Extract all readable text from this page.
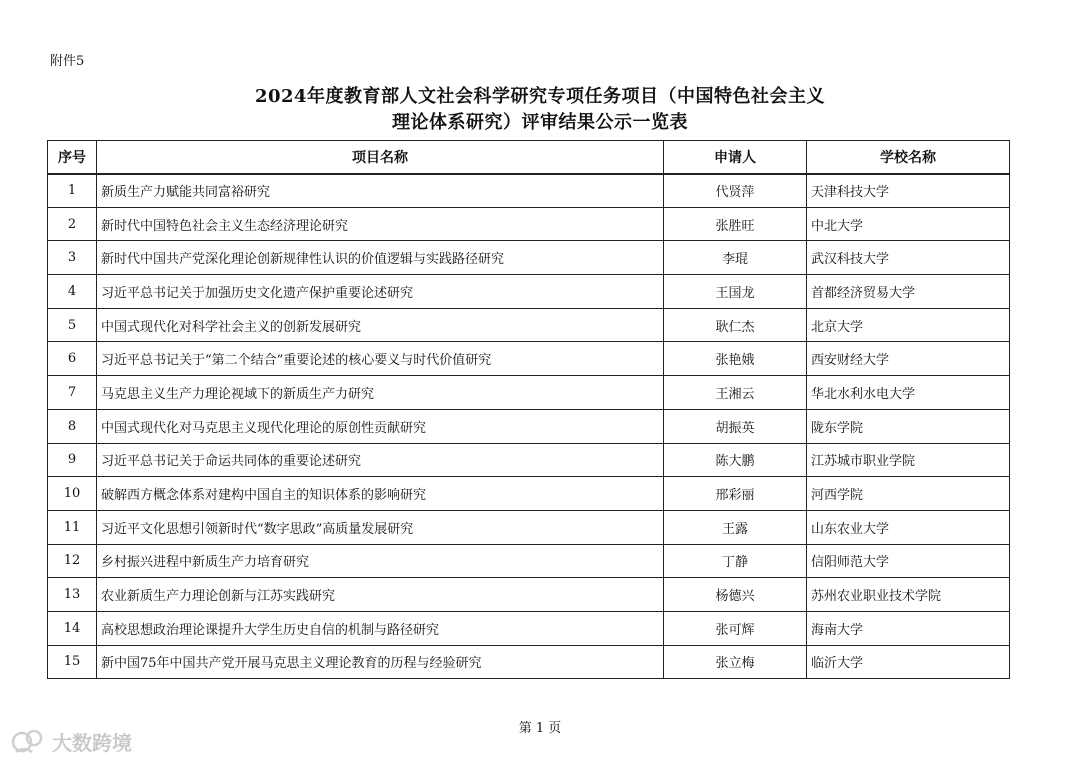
附件5
2024年度教育部人文社会科学研究专项任务项目（中国特色社会主义
理论体系研究）评审结果公示一览表
序号	项目名称	申请人	学校名称
1	新质生产力赋能共同富裕研究	代贤萍	天津科技大学
2	新时代中国特色社会主义生态经济理论研究	张胜旺	中北大学
3	新时代中国共产党深化理论创新规律性认识的价值逻辑与实践路径研究	李琨	武汉科技大学
4	习近平总书记关于加强历史文化遗产保护重要论述研究	王国龙	首都经济贸易大学
5	中国式现代化对科学社会主义的创新发展研究	耿仁杰	北京大学
6	习近平总书记关于“第二个结合”重要论述的核心要义与时代价值研究	张艳娥	西安财经大学
7	马克思主义生产力理论视域下的新质生产力研究	王湘云	华北水利水电大学
8	中国式现代化对马克思主义现代化理论的原创性贡献研究	胡振英	陇东学院
9	习近平总书记关于命运共同体的重要论述研究	陈大鹏	江苏城市职业学院
10	破解西方概念体系对建构中国自主的知识体系的影响研究	邢彩丽	河西学院
11	习近平文化思想引领新时代“数字思政”高质量发展研究	王露	山东农业大学
12	乡村振兴进程中新质生产力培育研究	丁静	信阳师范大学
13	农业新质生产力理论创新与江苏实践研究	杨德兴	苏州农业职业技术学院
14	高校思想政治理论课提升大学生历史自信的机制与路径研究	张可辉	海南大学
15	新中国75年中国共产党开展马克思主义理论教育的历程与经验研究	张立梅	临沂大学
第 1 页
大数跨境
